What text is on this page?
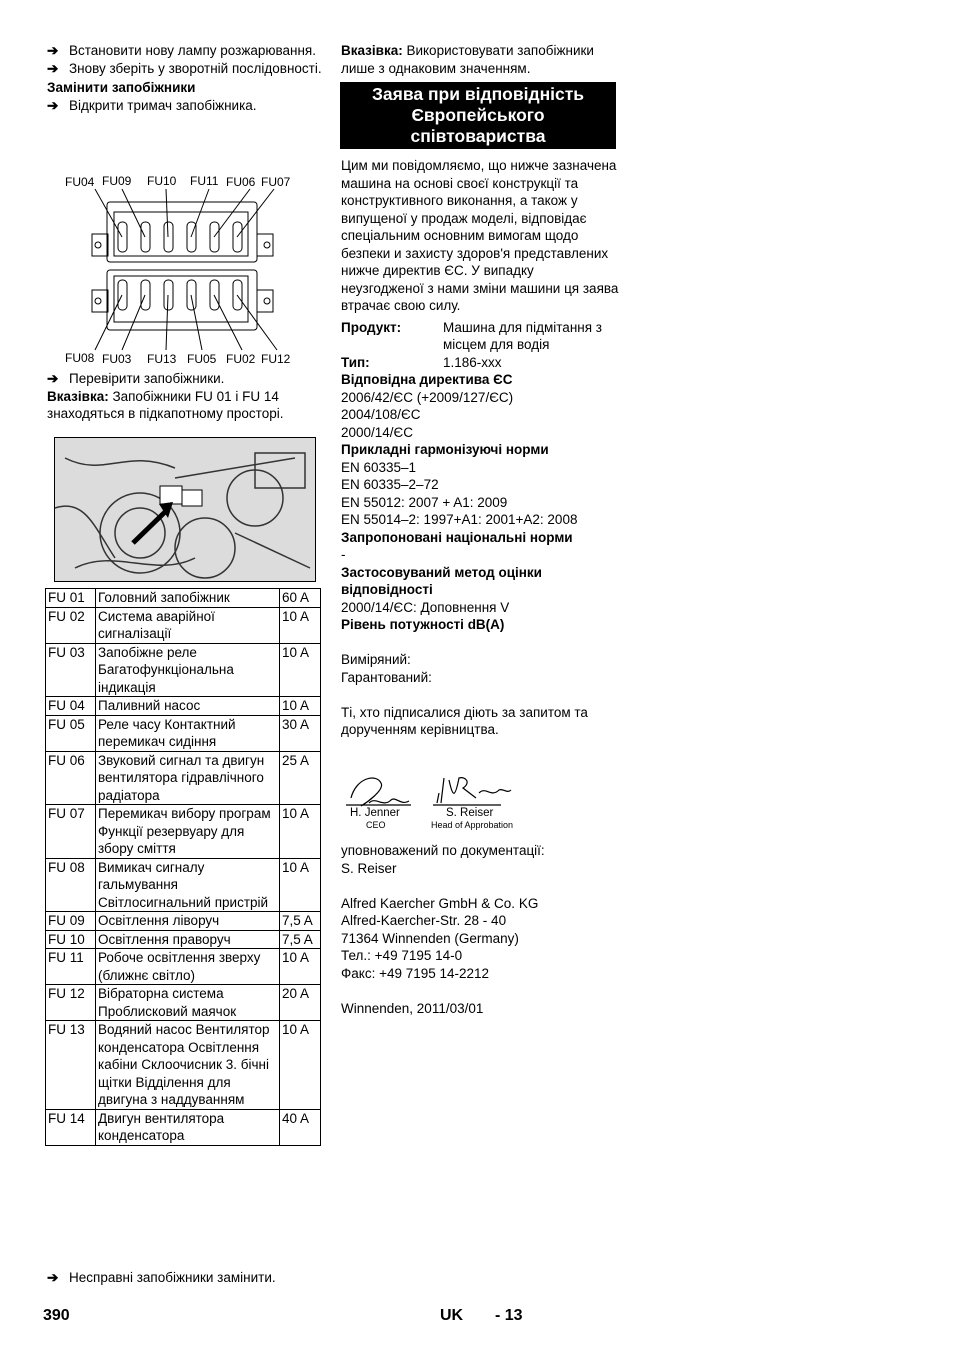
➔ Встановити нову лампу розжарювання.
➔ Знову зберіть у зворотній послідовності.
Замінити запобіжники
➔ Відкрити тримач запобіжника.
FU04 FU09 FU10 FU11 FU06 FU07
FU08 FU03 FU13 FU05 FU02 FU12
➔ Перевірити запобіжники.
Вказівка: Запобіжники FU 01 і FU 14 знаходяться в підкапотному просторі.
FU 01	Головний запобіжник	60 A
FU 02	Система аварійної сигналізації	10 A
FU 03	Запобіжне реле Багатофункціональна індикація	10 A
FU 04	Паливний насос	10 A
FU 05	Реле часу Контактний перемикач сидіння	30 A
FU 06	Звуковий сигнал та двигун вентилятора гідравлічного радіатора	25 A
FU 07	Перемикач вибору програм Функції резервуару для збору сміття	10 A
FU 08	Вимикач сигналу гальмування Світлосигнальний пристрій	10 A
FU 09	Освітлення ліворуч	7,5 A
FU 10	Освітлення праворуч	7,5 A
FU 11	Робоче освітлення зверху (ближнє світло)	10 A
FU 12	Вібраторна система Проблисковий маячок	20 A
FU 13	Водяний насос Вентилятор конденсатора Освітлення кабіни Склоочисник 3. бічні щітки Відділення для двигуна з наддуванням	10 A
FU 14	Двигун вентилятора конденсатора	40 A
➔ Несправні запобіжники замінити.
Вказівка: Використовувати запобіжники лише з однаковим значенням.
Заява при відповідність Європейського співтовариства
Цим ми повідомляємо, що нижче зазначена машина на основі своєї конструкції та конструктивного виконання, а також у випущеної у продаж моделі, відповідає спеціальним основним вимогам щодо безпеки и захисту здоров'я представлених нижче директив ЄС. У випадку неузгодженої з нами зміни машини ця заява втрачає свою силу.
Продукт:	Машина для підмітання з місцем для водія
Тип:	1.186-xxx
Відповідна директива ЄС
2006/42/ЄС (+2009/127/ЄС)
2004/108/ЄС
2000/14/ЄС
Прикладні гармонізуючі норми
EN 60335–1
EN 60335–2–72
EN 55012: 2007 + A1: 2009
EN 55014–2: 1997+A1: 2001+A2: 2008
Запропоновані національні норми
-
Застосовуваний метод оцінки відповідності
2000/14/ЄС: Доповнення V
Рівень потужності dB(A)
Виміряний:
Гарантований:
Ті, хто підписалися діють за запитом та дорученням керівництва.
H. Jenner
CEO
S. Reiser
Head of Approbation
уповноважений по документації:
S. Reiser
Alfred Kaercher GmbH & Co. KG
Alfred-Kaercher-Str. 28 - 40
71364 Winnenden (Germany)
Тел.: +49 7195 14-0
Факс: +49 7195 14-2212
Winnenden, 2011/03/01
390	UK - 13
